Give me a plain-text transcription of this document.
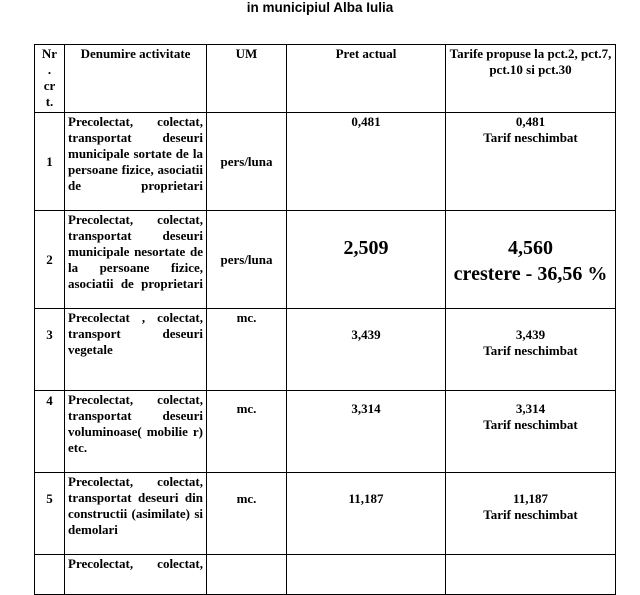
in municipiul Alba Iulia
Nr
.
cr
t.	Denumire activitate	UM	Pret actual	Tarife propuse la pct.2, pct.7, pct.10 si pct.30
1	Precolectat, colectat, transportat deseuri municipale sortate de la persoane fizice, asociatii de proprietari	pers/luna	0,481	0,481
Tarif neschimbat

2	Precolectat, colectat, transportat deseuri municipale nesortate de la persoane fizice, asociatii de proprietari	pers/luna	2,509	4,560
crestere - 36,56 %

3	Precolectat , colectat, transport deseuri vegetale	mc.	3,439	3,439
Tarif neschimbat

4	Precolectat, colectat, transportat deseuri voluminoase( mobilie r) etc.	mc.	3,314	3,314
Tarif neschimbat

5	Precolectat, colectat, transportat deseuri din constructii (asimilate) si demolari	mc.	11,187	11,187
Tarif neschimbat

	Precolectat, colectat,			
